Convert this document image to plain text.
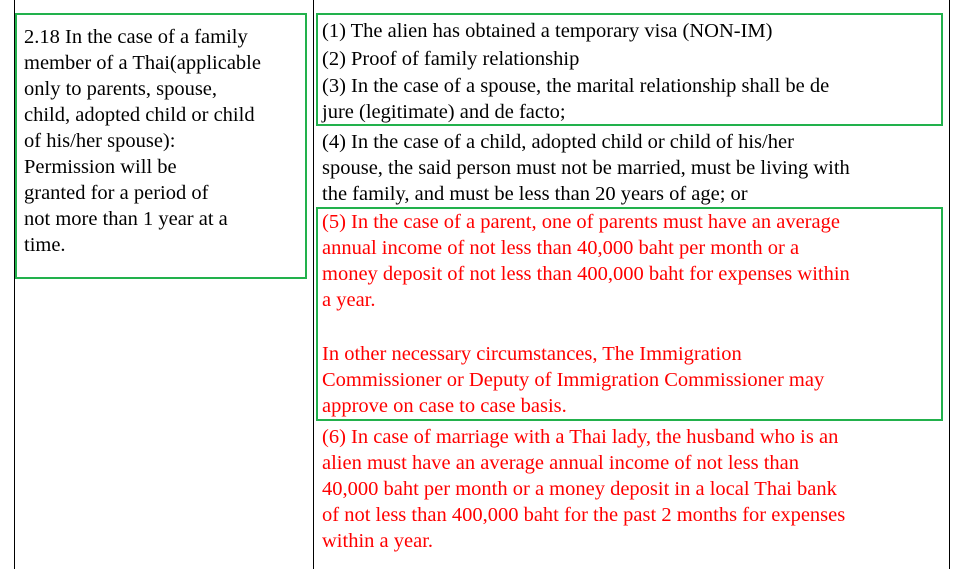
2.18 In the case of a family
member of a Thai(applicable
only to parents, spouse,
child, adopted child or child
of his/her spouse):
Permission will be
granted for a period of
not more than 1 year at a
time.
(1) The alien has obtained a temporary visa (NON-IM)
(2) Proof of family relationship
(3) In the case of a spouse, the marital relationship shall be de
jure (legitimate) and de facto;
(4) In the case of a child, adopted child or child of his/her
spouse, the said person must not be married, must be living with
the family, and must be less than 20 years of age; or
(5) In the case of a parent, one of parents must have an average
annual income of not less than 40,000 baht per month or a
money deposit of not less than 400,000 baht for expenses within
a year.
In other necessary circumstances, The Immigration
Commissioner or Deputy of Immigration Commissioner may
approve on case to case basis.
(6) In case of marriage with a Thai lady, the husband who is an
alien must have an average annual income of not less than
40,000 baht per month or a money deposit in a local Thai bank
of not less than 400,000 baht for the past 2 months for expenses
within a year.
